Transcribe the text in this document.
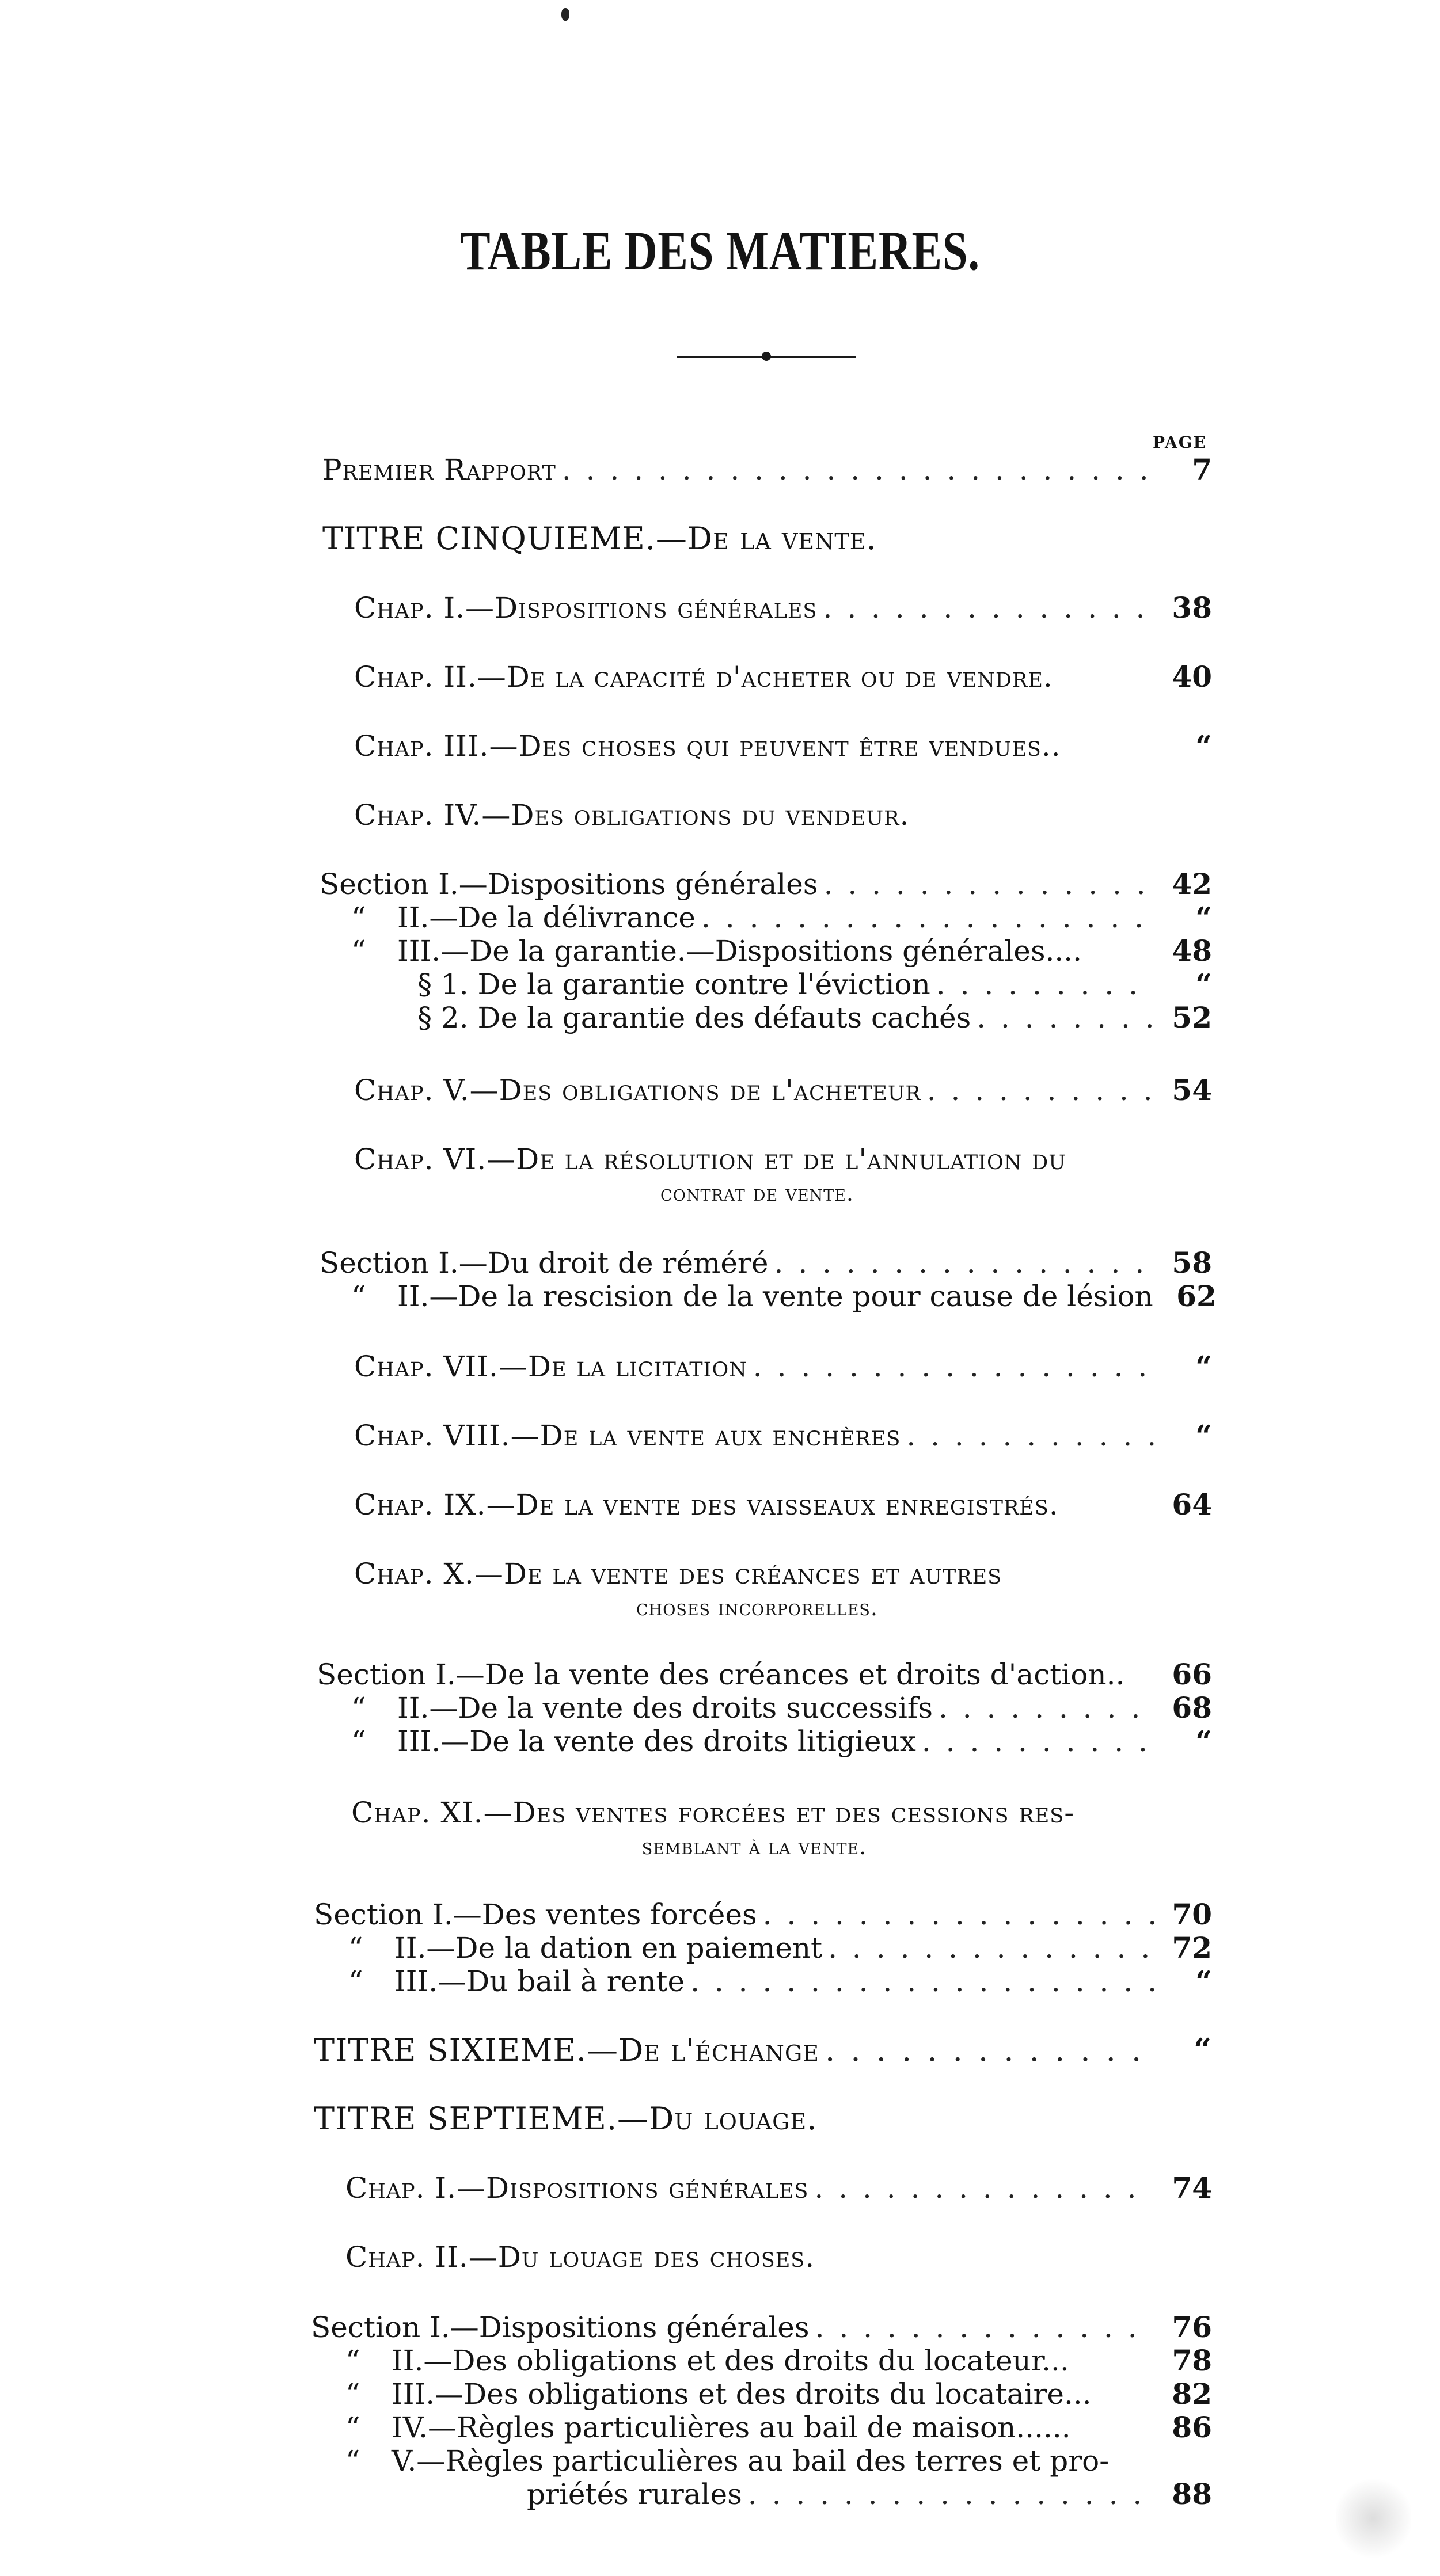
TABLE DES MATIERES.
PAGE
Premier Rapport . . .	7
TITRE CINQUIEME.—De la vente.
Chap. I.—Dispositions générales . . .	38
Chap. II.—De la capacité d'acheter ou de vendre.	40
Chap. III.—Des choses qui peuvent être vendues..	“
Chap. IV.—Des obligations du vendeur.
Section I.—Dispositions générales . . .	42
“	II.—De la délivrance . . .	“
“	III.—De la garantie.—Dispositions générales....	48
§ 1. De la garantie contre l'éviction . . .	“
§ 2. De la garantie des défauts cachés . . .	52
Chap. V.—Des obligations de l'acheteur . . .	54
Chap. VI.—De la résolution et de l'annulation du
contrat de vente.
Section I.—Du droit de réméré . . .	58
“	II.—De la rescision de la vente pour cause de lésion 62
Chap. VII.—De la licitation . . .	“
Chap. VIII.—De la vente aux enchères . . .	“
Chap. IX.—De la vente des vaisseaux enregistrés.	64
Chap. X.—De la vente des créances et autres
choses incorporelles.
Section I.—De la vente des créances et droits d'action..	66
“	II.—De la vente des droits successifs . . .	68
“	III.—De la vente des droits litigieux . . .	“
Chap. XI.—Des ventes forcées et des cessions res-
semblant à la vente.
Section I.—Des ventes forcées . . .	70
“	II.—De la dation en paiement . . .	72
“	III.—Du bail à rente . . .	“
TITRE SIXIEME.—De l'échange . . .	“
TITRE SEPTIEME.—Du louage.
Chap. I.—Dispositions générales . . .	74
Chap. II.—Du louage des choses.
Section I.—Dispositions générales . . .	76
“	II.—Des obligations et des droits du locateur...	78
“	III.—Des obligations et des droits du locataire...	82
“	IV.—Règles particulières au bail de maison......	86
“	V.—Règles particulières au bail des terres et pro-
priétés rurales . . .	88
